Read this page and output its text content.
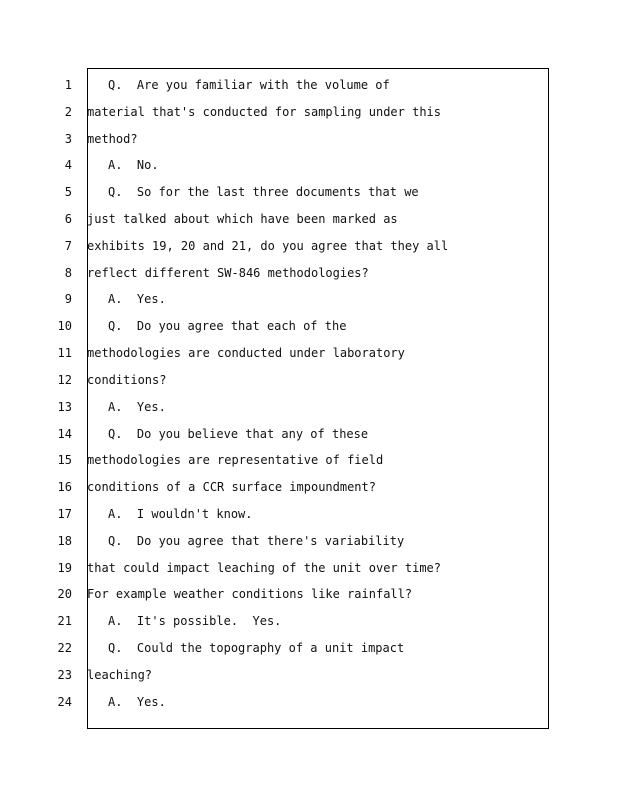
1	Q.  Are you familiar with the volume of
2 material that's conducted for sampling under this
3 method?
4	A.  No.
5	Q.  So for the last three documents that we
6 just talked about which have been marked as
7 exhibits 19, 20 and 21, do you agree that they all
8 reflect different SW-846 methodologies?
9	A.  Yes.
10	Q.  Do you agree that each of the
11 methodologies are conducted under laboratory
12 conditions?
13	A.  Yes.
14	Q.  Do you believe that any of these
15 methodologies are representative of field
16 conditions of a CCR surface impoundment?
17	A.  I wouldn't know.
18	Q.  Do you agree that there's variability
19 that could impact leaching of the unit over time?
20 For example weather conditions like rainfall?
21	A.  It's possible.  Yes.
22	Q.  Could the topography of a unit impact
23 leaching?
24	A.  Yes.
